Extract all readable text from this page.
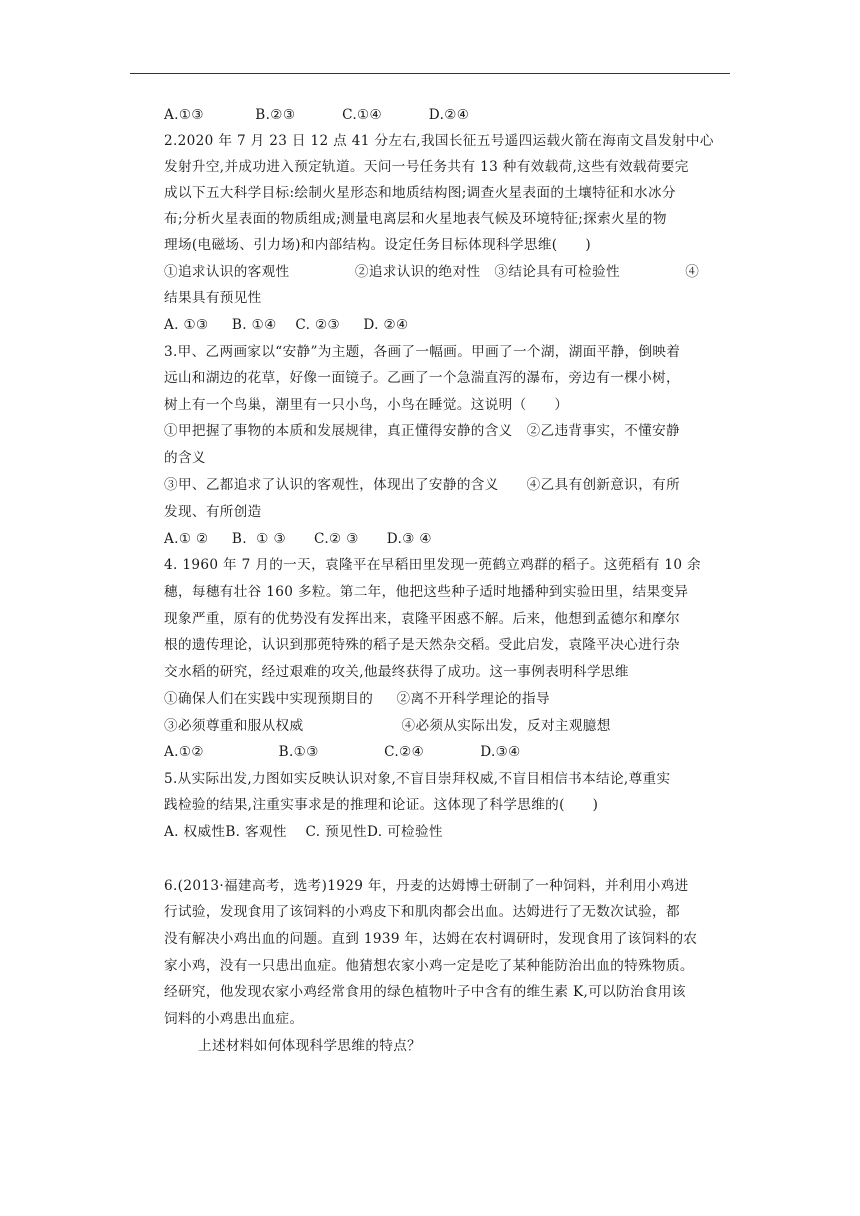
A.①③           B.②③          C.①④          D.②④
2.2020 年 7 月 23 日 12 点 41 分左右,我国长征五号遥四运载火箭在海南文昌发射中心
发射升空,并成功进入预定轨道。天问一号任务共有 13 种有效载荷,这些有效载荷要完
成以下五大科学目标:绘制火星形态和地质结构图;调查火星表面的土壤特征和水冰分
布;分析火星表面的物质组成;测量电离层和火星地表气候及环境特征;探索火星的物
理场(电磁场、引力场)和内部结构。设定任务目标体现科学思维(　　)
①追求认识的客观性              ②追求认识的绝对性   ③结论具有可检验性              ④
结果具有预见性
A. ①③     B. ①④    C. ②③     D. ②④
3.甲、乙两画家以“安静”为主题，各画了一幅画。甲画了一个湖，湖面平静，倒映着
远山和湖边的花草，好像一面镜子。乙画了一个急湍直泻的瀑布，旁边有一棵小树，
树上有一个鸟巢，潮里有一只小鸟，小鸟在睡觉。这说明（　　）
①甲把握了事物的本质和发展规律，真正懂得安静的含义   ②乙违背事实，不懂安静
的含义
③甲、乙都追求了认识的客观性，体现出了安静的含义      ④乙具有创新意识，有所
发现、有所创造
A.① ②     B.  ① ③      C.② ③      D.③ ④
4. 1960 年 7 月的一天，袁隆平在早稻田里发现一蔸鹤立鸡群的稻子。这蔸稻有 10 余
穗，每穗有壮谷 160 多粒。第二年，他把这些种子适时地播种到实验田里，结果变异
现象严重，原有的优势没有发挥出来，袁隆平困惑不解。后来，他想到孟德尔和摩尔
根的遗传理论，认识到那蔸特殊的稻子是天然杂交稻。受此启发，袁隆平决心进行杂
交水稻的研究，经过艰难的攻关,他最终获得了成功。这一事例表明科学思维
①确保人们在实践中实现预期目的     ②离不开科学理论的指导
③必须尊重和服从权威                     ④必须从实际出发，反对主观臆想
A.①②                B.①③              C.②④            D.③④
5.从实际出发,力图如实反映认识对象,不盲目崇拜权威,不盲目相信书本结论,尊重实
践检验的结果,注重实事求是的推理和论证。这体现了科学思维的(　　)
A. 权威性B. 客观性    C. 预见性D. 可检验性
6.(2013·福建高考，选考)1929 年，丹麦的达姆博士研制了一种饲料，并利用小鸡进
行试验，发现食用了该饲料的小鸡皮下和肌肉都会出血。达姆进行了无数次试验，都
没有解决小鸡出血的问题。直到 1939 年，达姆在农村调研时，发现食用了该饲料的农
家小鸡，没有一只患出血症。他猜想农家小鸡一定是吃了某种能防治出血的特殊物质。
经研究，他发现农家小鸡经常食用的绿色植物叶子中含有的维生素 K,可以防治食用该
饲料的小鸡患出血症。
上述材料如何体现科学思维的特点？
